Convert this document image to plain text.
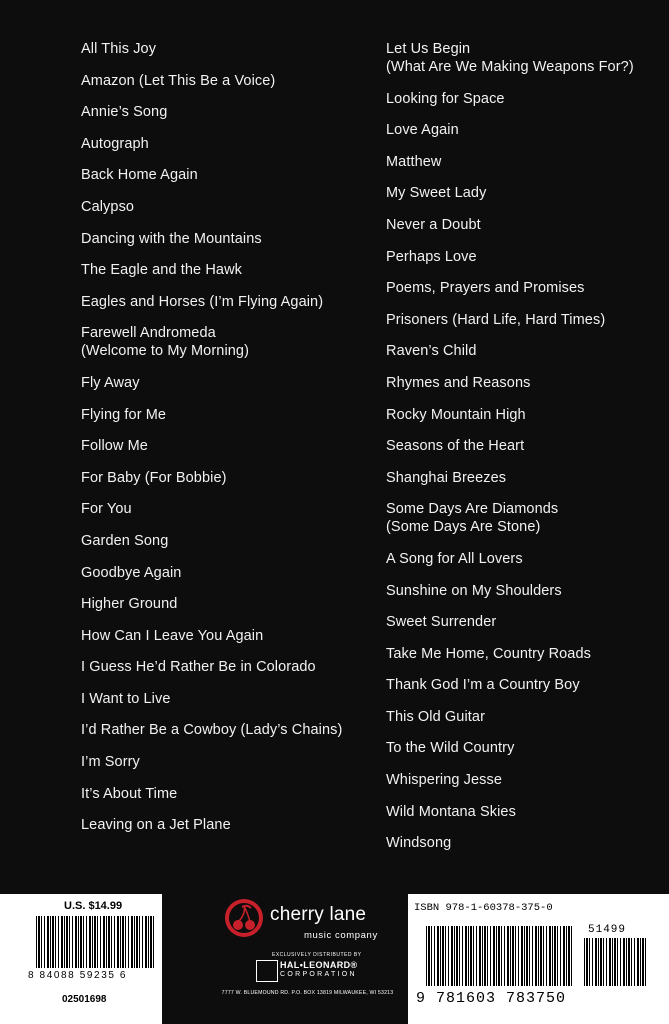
All This Joy
Amazon (Let This Be a Voice)
Annie’s Song
Autograph
Back Home Again
Calypso
Dancing with the Mountains
The Eagle and the Hawk
Eagles and Horses (I’m Flying Again)
Farewell Andromeda
(Welcome to My Morning)
Fly Away
Flying for Me
Follow Me
For Baby (For Bobbie)
For You
Garden Song
Goodbye Again
Higher Ground
How Can I Leave You Again
I Guess He’d Rather Be in Colorado
I Want to Live
I’d Rather Be a Cowboy (Lady’s Chains)
I’m Sorry
It’s About Time
Leaving on a Jet Plane
Let Us Begin
(What Are We Making Weapons For?)
Looking for Space
Love Again
Matthew
My Sweet Lady
Never a Doubt
Perhaps Love
Poems, Prayers and Promises
Prisoners (Hard Life, Hard Times)
Raven’s Child
Rhymes and Reasons
Rocky Mountain High
Seasons of the Heart
Shanghai Breezes
Some Days Are Diamonds
(Some Days Are Stone)
A Song for All Lovers
Sunshine on My Shoulders
Sweet Surrender
Take Me Home, Country Roads
Thank God I’m a Country Boy
This Old Guitar
To the Wild Country
Whispering Jesse
Wild Montana Skies
Windsong
U.S. $14.99
8 84088 59235 6
02501698
cherry lane
music company
EXCLUSIVELY DISTRIBUTED BY
HAL•LEONARD®
CORPORATION
7777 W. BLUEMOUND RD. P.O. BOX 13819 MILWAUKEE, WI 53213
ISBN 978-1-60378-375-0
51499
9 781603 783750
